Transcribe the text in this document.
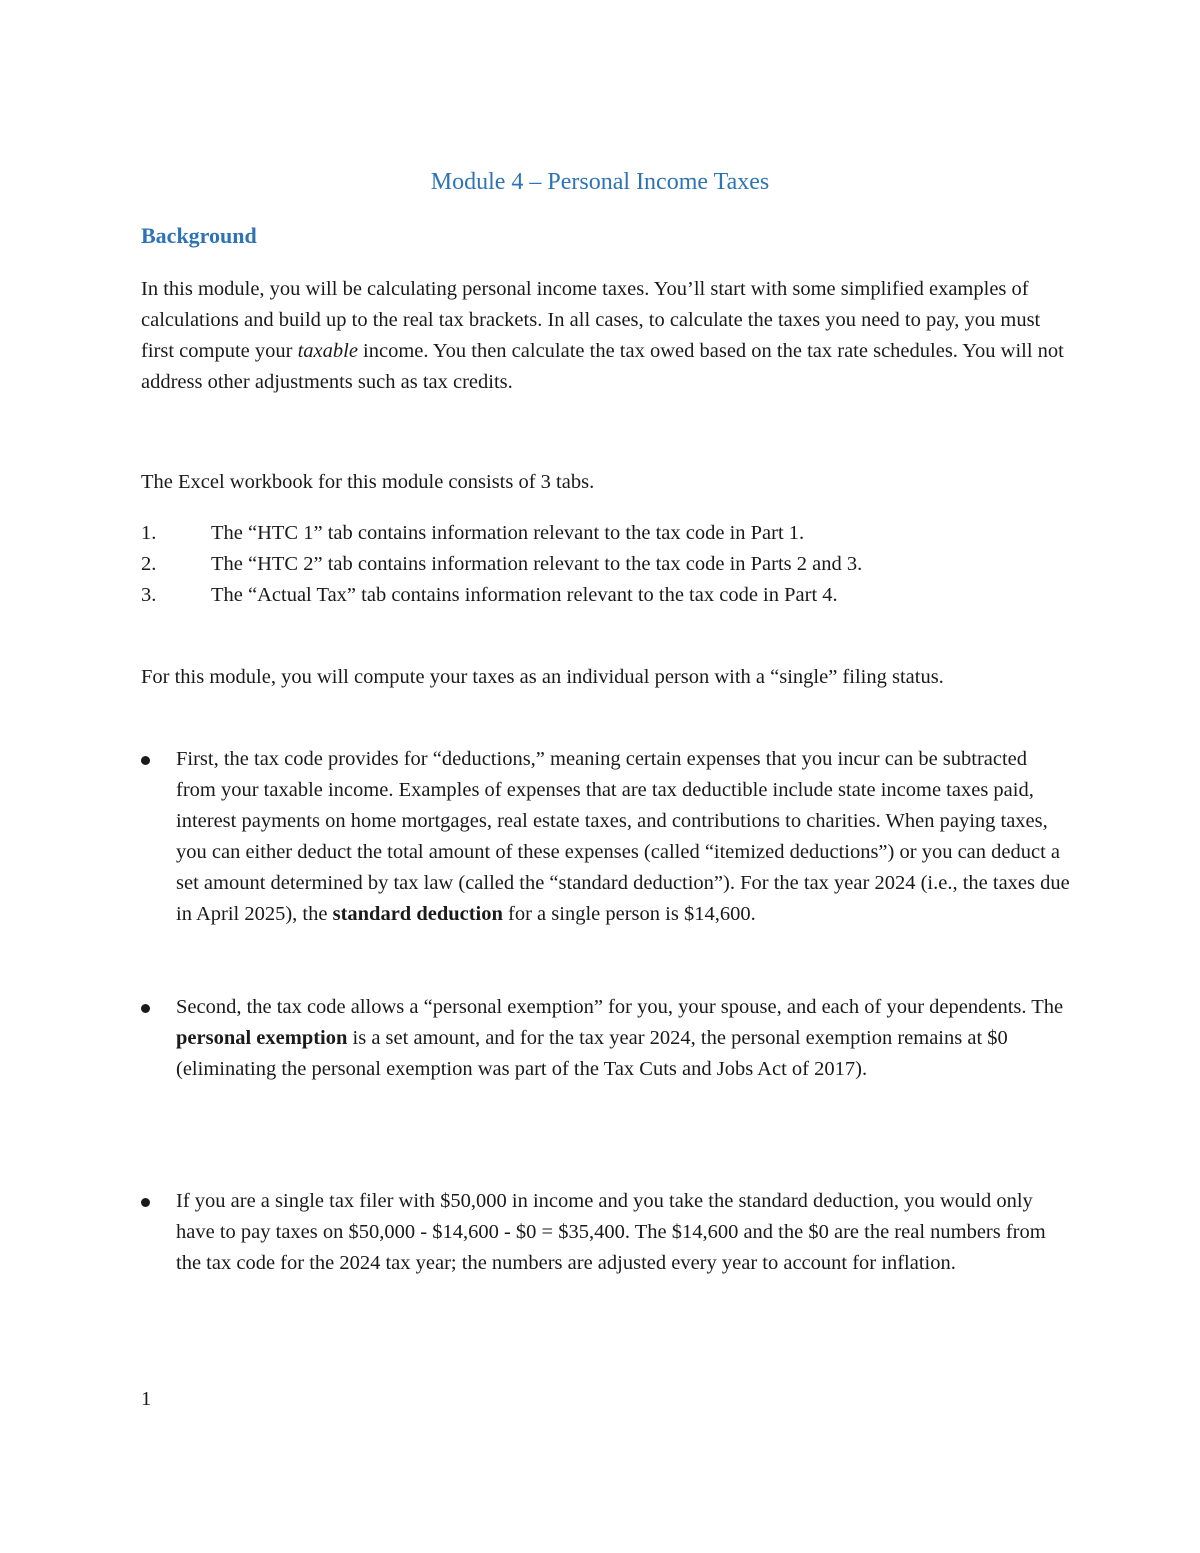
Module 4 – Personal Income Taxes
Background

In this module, you will be calculating personal income taxes. You’ll start with some simplified examples of calculations and build up to the real tax brackets. In all cases, to calculate the taxes you need to pay, you must first compute your taxable income. You then calculate the tax owed based on the tax rate schedules. You will not address other adjustments such as tax credits.

The Excel workbook for this module consists of 3 tabs.

1.	The “HTC 1” tab contains information relevant to the tax code in Part 1.
2.	The “HTC 2” tab contains information relevant to the tax code in Parts 2 and 3.
3.	The “Actual Tax” tab contains information relevant to the tax code in Part 4.

For this module, you will compute your taxes as an individual person with a “single” filing status.

First, the tax code provides for “deductions,” meaning certain expenses that you incur can be subtracted from your taxable income. Examples of expenses that are tax deductible include state income taxes paid, interest payments on home mortgages, real estate taxes, and contributions to charities. When paying taxes, you can either deduct the total amount of these expenses (called “itemized deductions”) or you can deduct a set amount determined by tax law (called the “standard deduction”). For the tax year 2024 (i.e., the taxes due in April 2025), the standard deduction for a single person is $14,600.

Second, the tax code allows a “personal exemption” for you, your spouse, and each of your dependents. The personal exemption is a set amount, and for the tax year 2024, the personal exemption remains at $0 (eliminating the personal exemption was part of the Tax Cuts and Jobs Act of 2017).

If you are a single tax filer with $50,000 in income and you take the standard deduction, you would only have to pay taxes on $50,000 - $14,600 - $0 = $35,400. The $14,600 and the $0 are the real numbers from the tax code for the 2024 tax year; the numbers are adjusted every year to account for inflation.

1
